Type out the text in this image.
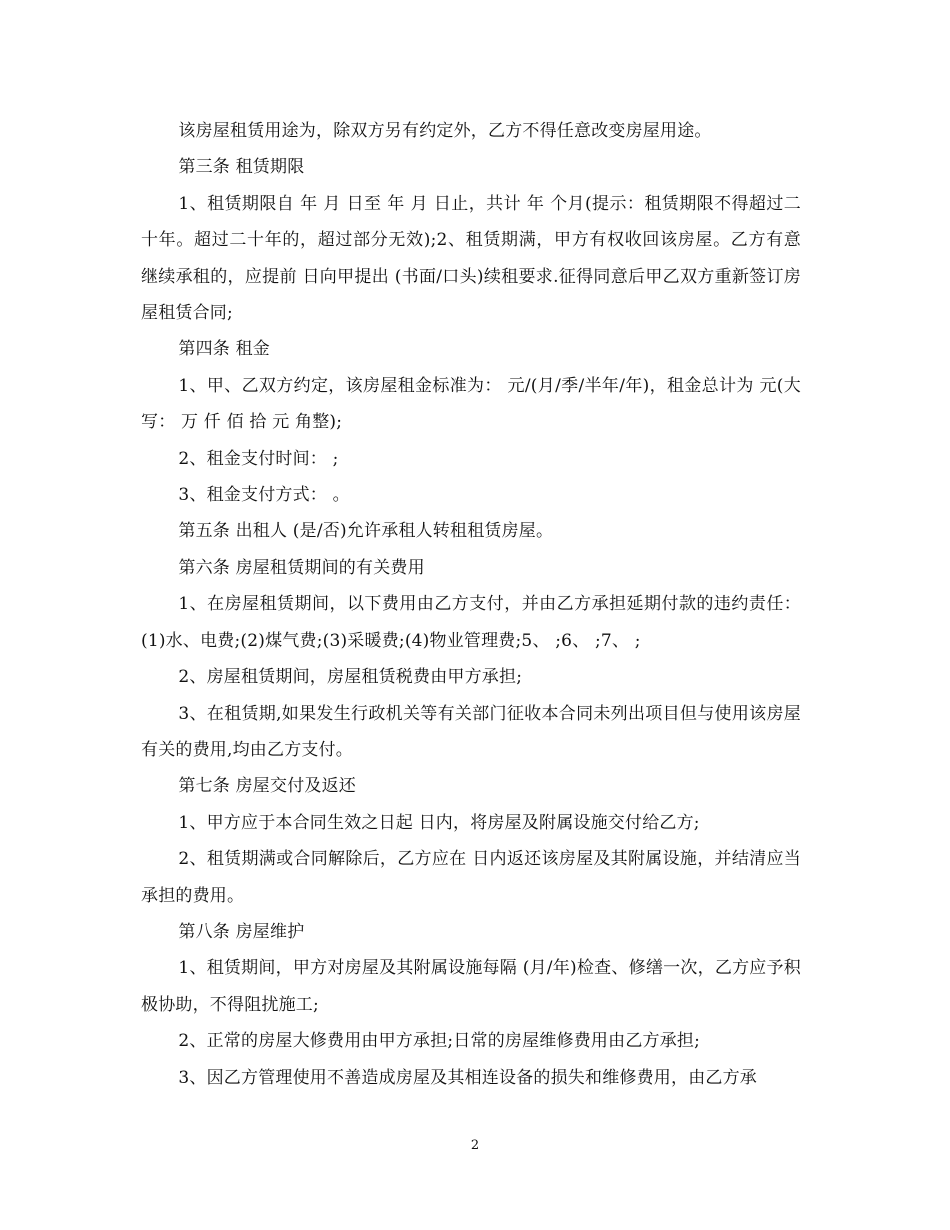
该房屋租赁用途为，除双方另有约定外，乙方不得任意改变房屋用途。

第三条 租赁期限

1、租赁期限自 年 月 日至 年 月 日止，共计 年 个月(提示：租赁期限不得超过二十年。超过二十年的，超过部分无效);2、租赁期满，甲方有权收回该房屋。乙方有意继续承租的，应提前 日向甲提出 (书面/口头)续租要求.征得同意后甲乙双方重新签订房屋租赁合同;

第四条 租金

1、甲、乙双方约定，该房屋租金标准为： 元/(月/季/半年/年)，租金总计为 元(大写： 万 仟 佰 拾 元 角整);

2、租金支付时间： ;

3、租金支付方式： 。

第五条 出租人 (是/否)允许承租人转租租赁房屋。

第六条 房屋租赁期间的有关费用

1、在房屋租赁期间，以下费用由乙方支付，并由乙方承担延期付款的违约责任：(1)水、电费;(2)煤气费;(3)采暖费;(4)物业管理费;5、 ;6、 ;7、 ;

2、房屋租赁期间，房屋租赁税费由甲方承担;

3、在租赁期,如果发生行政机关等有关部门征收本合同未列出项目但与使用该房屋有关的费用,均由乙方支付。

第七条 房屋交付及返还

1、甲方应于本合同生效之日起 日内，将房屋及附属设施交付给乙方;

2、租赁期满或合同解除后，乙方应在 日内返还该房屋及其附属设施，并结清应当承担的费用。

第八条 房屋维护

1、租赁期间，甲方对房屋及其附属设施每隔 (月/年)检查、修缮一次，乙方应予积极协助，不得阻扰施工;

2、正常的房屋大修费用由甲方承担;日常的房屋维修费用由乙方承担;

3、因乙方管理使用不善造成房屋及其相连设备的损失和维修费用，由乙方承

2
